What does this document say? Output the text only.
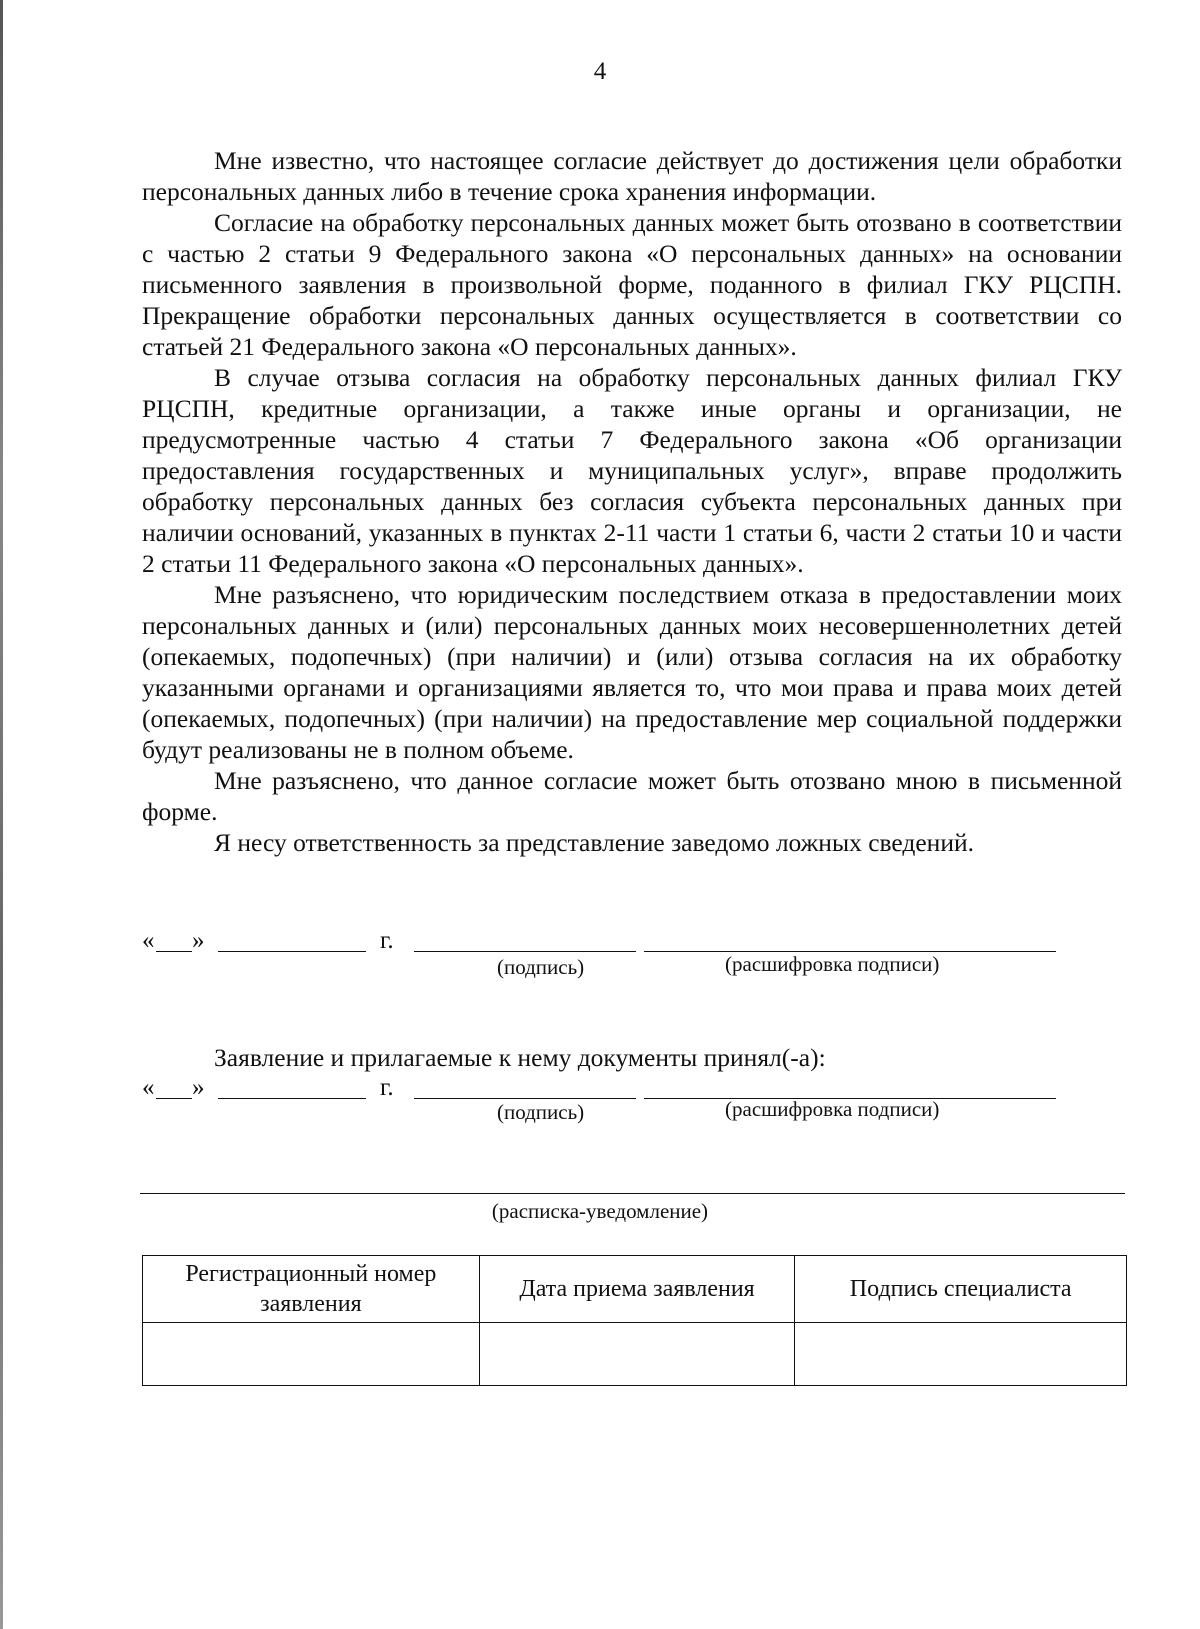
4

Мне известно, что настоящее согласие действует до достижения цели обработки персональных данных либо в течение срока хранения информации.

Согласие на обработку персональных данных может быть отозвано в соответствии с частью 2 статьи 9 Федерального закона «О персональных данных» на основании письменного заявления в произвольной форме, поданного в филиал ГКУ РЦСПН. Прекращение обработки персональных данных осуществляется в соответствии со статьей 21 Федерального закона «О персональных данных».

В случае отзыва согласия на обработку персональных данных филиал ГКУ РЦСПН, кредитные организации, а также иные органы и организации, не предусмотренные частью 4 статьи 7 Федерального закона «Об организации предоставления государственных и муниципальных услуг», вправе продолжить обработку персональных данных без согласия субъекта персональных данных при наличии оснований, указанных в пунктах 2-11 части 1 статьи 6, части 2 статьи 10 и части 2 статьи 11 Федерального закона «О персональных данных».

Мне разъяснено, что юридическим последствием отказа в предоставлении моих персональных данных и (или) персональных данных моих несовершеннолетних детей (опекаемых, подопечных) (при наличии) и (или) отзыва согласия на их обработку указанными органами и организациями является то, что мои права и права моих детей (опекаемых, подопечных) (при наличии) на предоставление мер социальной поддержки будут реализованы не в полном объеме.

Мне разъяснено, что данное согласие может быть отозвано мною в письменной форме.

Я несу ответственность за представление заведомо ложных сведений.

« »	г.
(подпись)	(расшифровка подписи)
Заявление и прилагаемые к нему документы принял(-а):
« »	г.
(подпись)	(расшифровка подписи)
(расписка-уведомление)
Регистрационный номер заявления	Дата приема заявления	Подпись специалиста
